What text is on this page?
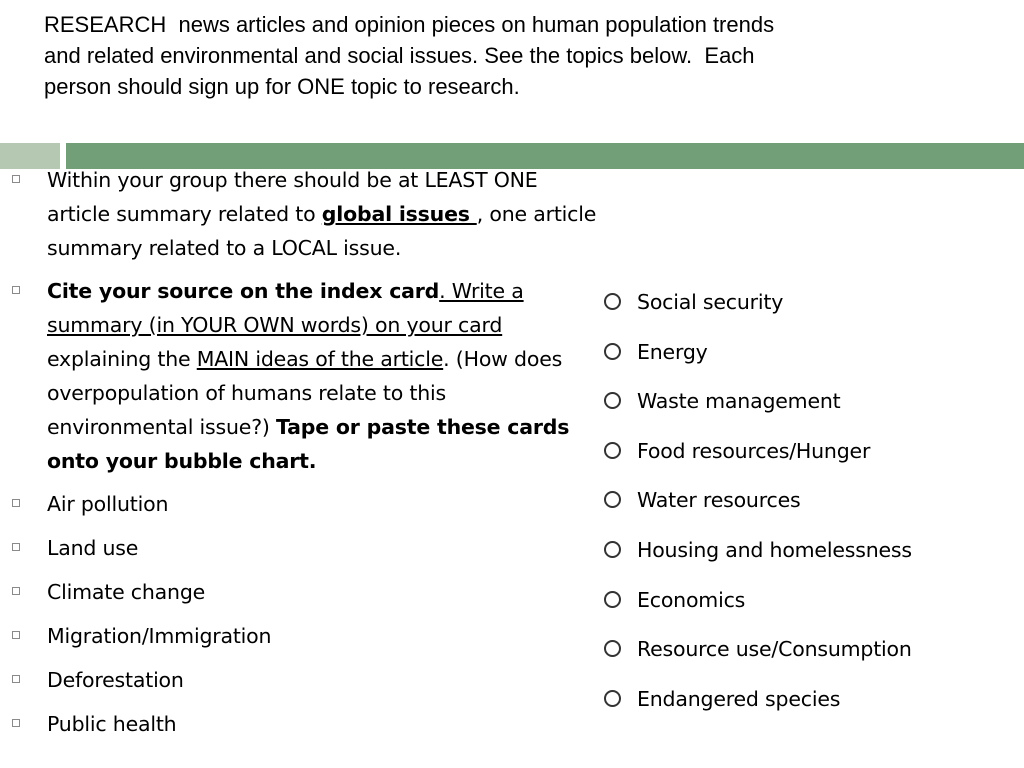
RESEARCH  news articles and opinion pieces on human population trends
and related environmental and social issues. See the topics below.  Each
person should sign up for ONE topic to research.
Within your group there should be at LEAST ONE article summary related to global issues , one article summary related to a LOCAL issue.
Cite your source on the index card. Write a summary (in YOUR OWN words) on your card explaining the MAIN ideas of the article. (How does overpopulation of humans relate to this environmental issue?) Tape or paste these cards onto your bubble chart.
Air pollution
Land use
Climate change
Migration/Immigration
Deforestation
Public health
Social security
Energy
Waste management
Food resources/Hunger
Water resources
Housing and homelessness
Economics
Resource use/Consumption
Endangered species
